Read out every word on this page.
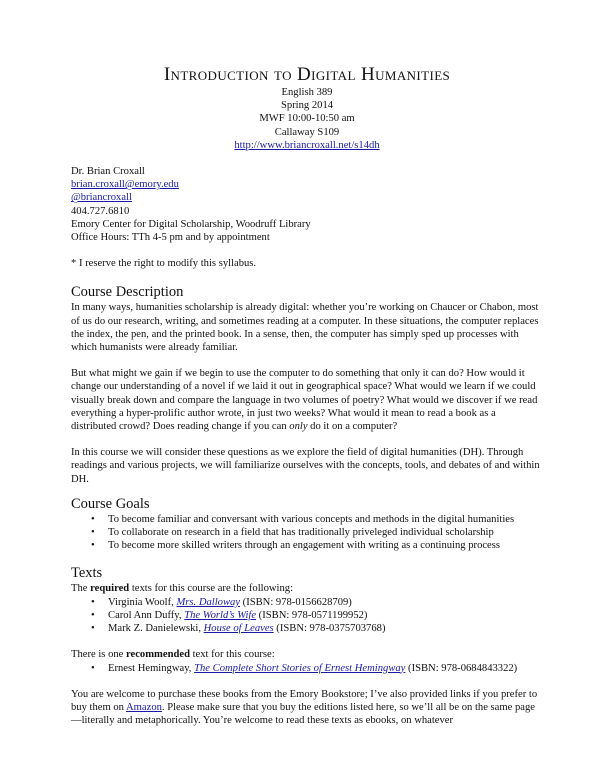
Introduction to Digital Humanities
English 389
Spring 2014
MWF 10:00-10:50 am
Callaway S109
http://www.briancroxall.net/s14dh
Dr. Brian Croxall
brian.croxall@emory.edu
@briancroxall
404.727.6810
Emory Center for Digital Scholarship, Woodruff Library
Office Hours: TTh 4-5 pm and by appointment

* I reserve the right to modify this syllabus.

Course Description

In many ways, humanities scholarship is already digital: whether you’re working on Chaucer or Chabon, most of us do our research, writing, and sometimes reading at a computer. In these situations, the computer replaces the index, the pen, and the printed book. In a sense, then, the computer has simply sped up processes with which humanists were already familiar.

But what might we gain if we begin to use the computer to do something that only it can do? How would it change our understanding of a novel if we laid it out in geographical space? What would we learn if we could visually break down and compare the language in two volumes of poetry? What would we discover if we read everything a hyper-prolific author wrote, in just two weeks? What would it mean to read a book as a distributed crowd? Does reading change if you can only do it on a computer?

In this course we will consider these questions as we explore the field of digital humanities (DH). Through readings and various projects, we will familiarize ourselves with the concepts, tools, and debates of and within DH.

Course Goals
• To become familiar and conversant with various concepts and methods in the digital humanities
• To collaborate on research in a field that has traditionally priveleged individual scholarship
• To become more skilled writers through an engagement with writing as a continuing process
Texts

The required texts for this course are the following:

• Virginia Woolf, Mrs. Dalloway (ISBN: 978-0156628709)
• Carol Ann Duffy, The World’s Wife (ISBN: 978-0571199952)
• Mark Z. Danielewski, House of Leaves (ISBN: 978-0375703768)

There is one recommended text for this course:

• Ernest Hemingway, The Complete Short Stories of Ernest Hemingway (ISBN: 978-0684843322)

You are welcome to purchase these books from the Emory Bookstore; I’ve also provided links if you prefer to buy them on Amazon. Please make sure that you buy the editions listed here, so we’ll all be on the same page—literally and metaphorically. You’re welcome to read these texts as ebooks, on whatever
